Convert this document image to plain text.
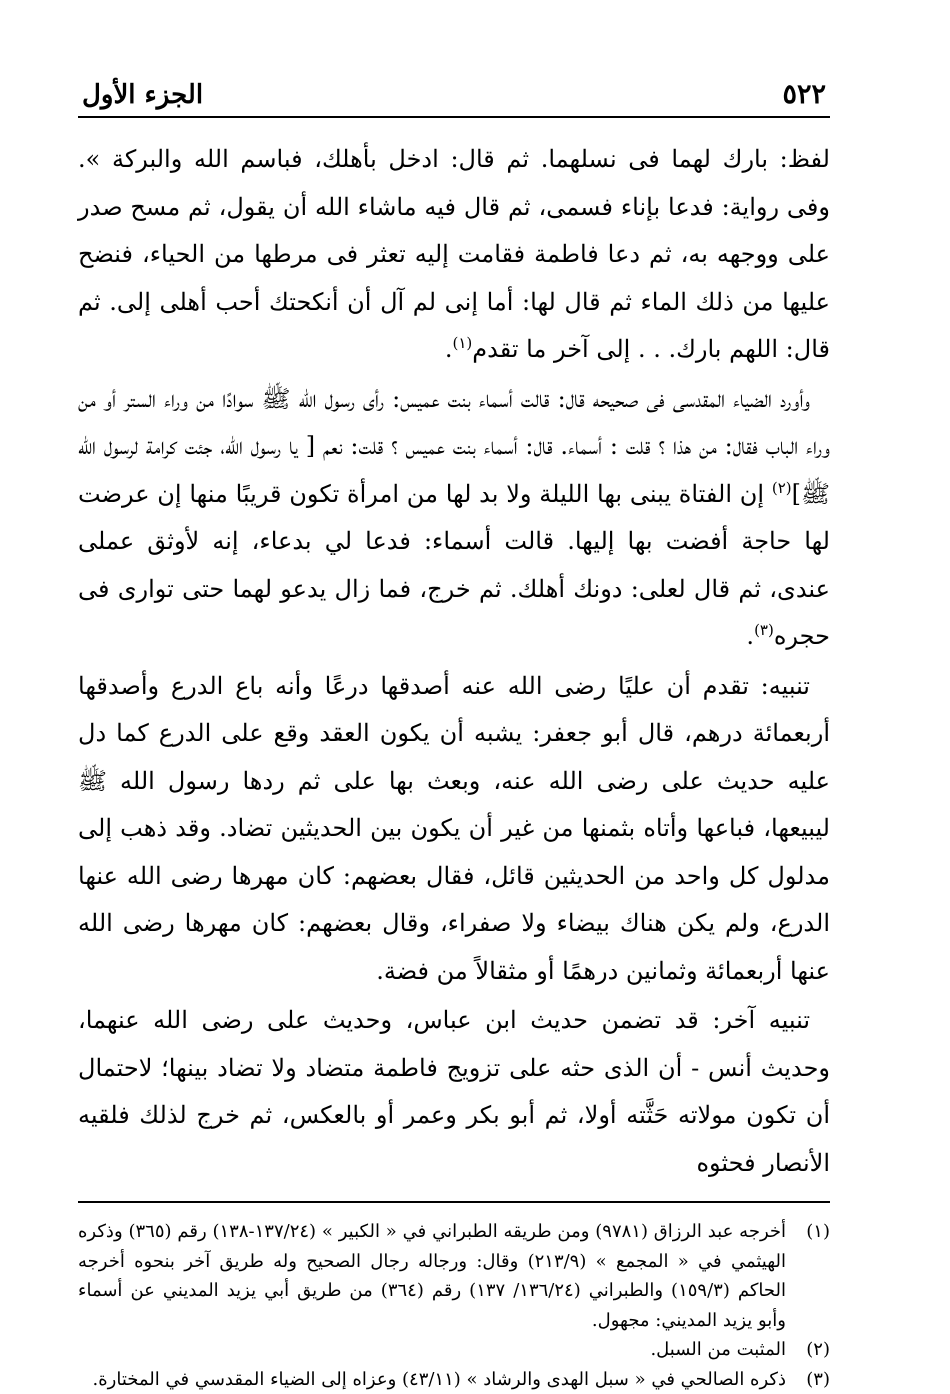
٥٢٢
الجزء الأول

لفظ: بارك لهما فى نسلهما. ثم قال: ادخل بأهلك، فباسم الله والبركة ». وفى رواية: فدعا بإناء فسمى، ثم قال فيه ماشاء الله أن يقول، ثم مسح صدر على ووجهه به، ثم دعا فاطمة فقامت إليه تعثر فى مرطها من الحياء، فنضح عليها من ذلك الماء ثم قال لها: أما إنى لم آل أن أنكحتك أحب أهلى إلى. ثم قال: اللهم بارك. . . إلى آخر ما تقدم$^{(١)}$.

وأورد الضياء المقدسى فى صحيحه قال: قالت أسماء بنت عميس: رأى رسول الله ﷺ سوادًا من وراء الستر أو من وراء الباب فقال: من هذا ؟ قلت : أسماء. قال: أسماء بنت عميس ؟ قلت: نعم [ يا رسول الله، جئت كرامة لرسول الله ﷺ]$^{(٢)}$ إن الفتاة يبنى بها الليلة ولا بد لها من امرأة تكون قريبًا منها إن عرضت لها حاجة أفضت بها إليها. قالت أسماء: فدعا لي بدعاء، إنه لأوثق عملى عندى، ثم قال لعلى: دونك أهلك. ثم خرج، فما زال يدعو لهما حتى توارى فى حجره$^{(٣)}$.

تنبيه: تقدم أن عليًا رضى الله عنه أصدقها درعًا وأنه باع الدرع وأصدقها أربعمائة درهم، قال أبو جعفر: يشبه أن يكون العقد وقع على الدرع كما دل عليه حديث على رضى الله عنه، وبعث بها على ثم ردها رسول الله ﷺ ليبيعها، فباعها وأتاه بثمنها من غير أن يكون بين الحديثين تضاد. وقد ذهب إلى مدلول كل واحد من الحديثين قائل، فقال بعضهم: كان مهرها رضى الله عنها الدرع، ولم يكن هناك بيضاء ولا صفراء، وقال بعضهم: كان مهرها رضى الله عنها أربعمائة وثمانين درهمًا أو مثقالاً من فضة.

تنبيه آخر: قد تضمن حديث ابن عباس، وحديث على رضى الله عنهما، وحديث أنس - أن الذى حثه على تزويج فاطمة متضاد ولا تضاد بينها؛ لاحتمال أن تكون مولاته حَثَّته أولا، ثم أبو بكر وعمر أو بالعكس، ثم خرج لذلك فلقيه الأنصار فحثوه

(١)
أخرجه عبد الرزاق (٩٧٨١) ومن طريقه الطبراني في « الكبير » (١٣٧/٢٤-١٣٨) رقم (٣٦٥) وذكره الهيثمي في « المجمع » (٢١٣/٩) وقال: ورجاله رجال الصحيح وله طريق آخر بنحوه أخرجه الحاكم (١٥٩/٣) والطبراني (١٣٦/٢٤/ ١٣٧) رقم (٣٦٤) من طريق أبي يزيد المديني عن أسماء وأبو يزيد المديني: مجهول.
(٢)
المثبت من السبل.
(٣)
ذكره الصالحي في « سبل الهدى والرشاد » (٤٣/١١) وعزاه إلى الضياء المقدسي في المختارة.
